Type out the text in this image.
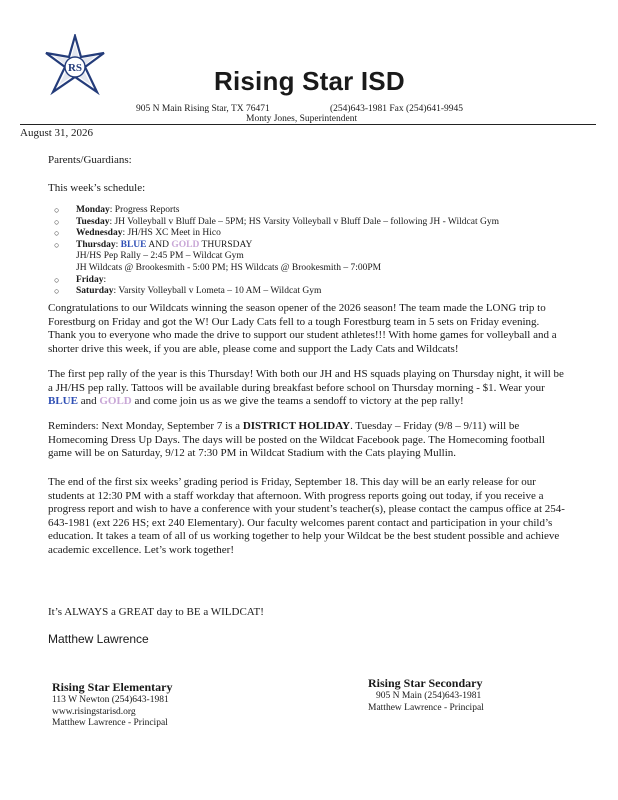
RS	Rising Star ISD
905 N Main Rising Star, TX 76471	(254)643-1981 Fax (254)641-9945
Monty Jones, Superintendent
August 31, 2026
Parents/Guardians:
This week’s schedule:
○ Monday: Progress Reports
○ Tuesday: JH Volleyball v Bluff Dale – 5PM; HS Varsity Volleyball v Bluff Dale – following JH - Wildcat Gym
○ Wednesday: JH/HS XC Meet in Hico
○ Thursday: BLUE AND GOLD THURSDAY
JH/HS Pep Rally – 2:45 PM – Wildcat Gym
JH Wildcats @ Brookesmith - 5:00 PM; HS Wildcats @ Brookesmith – 7:00PM
○ Friday:
○ Saturday: Varsity Volleyball v Lometa – 10 AM – Wildcat Gym
Congratulations to our Wildcats winning the season opener of the 2026 season! The team made the LONG trip to Forestburg on Friday and got the W! Our Lady Cats fell to a tough Forestburg team in 5 sets on Friday evening. Thank you to everyone who made the drive to support our student athletes!!! With home games for volleyball and a shorter drive this week, if you are able, please come and support the Lady Cats and Wildcats!
The first pep rally of the year is this Thursday! With both our JH and HS squads playing on Thursday night, it will be a JH/HS pep rally. Tattoos will be available during breakfast before school on Thursday morning - $1. Wear your BLUE and GOLD and come join us as we give the teams a sendoff to victory at the pep rally!
Reminders: Next Monday, September 7 is a DISTRICT HOLIDAY. Tuesday – Friday (9/8 – 9/11) will be Homecoming Dress Up Days. The days will be posted on the Wildcat Facebook page. The Homecoming football game will be on Saturday, 9/12 at 7:30 PM in Wildcat Stadium with the Cats playing Mullin.
The end of the first six weeks’ grading period is Friday, September 18. This day will be an early release for our students at 12:30 PM with a staff workday that afternoon. With progress reports going out today, if you receive a progress report and wish to have a conference with your student’s teacher(s), please contact the campus office at 254-643-1981 (ext 226 HS; ext 240 Elementary). Our faculty welcomes parent contact and participation in your child’s education. It takes a team of all of us working together to help your Wildcat be the best student possible and achieve academic excellence. Let’s work together!
It’s ALWAYS a GREAT day to BE a WILDCAT!
Matthew Lawrence
Rising Star Elementary
113 W Newton (254)643-1981
www.risingstarisd.org
Matthew Lawrence - Principal
Rising Star Secondary
905 N Main (254)643-1981
Matthew Lawrence - Principal
